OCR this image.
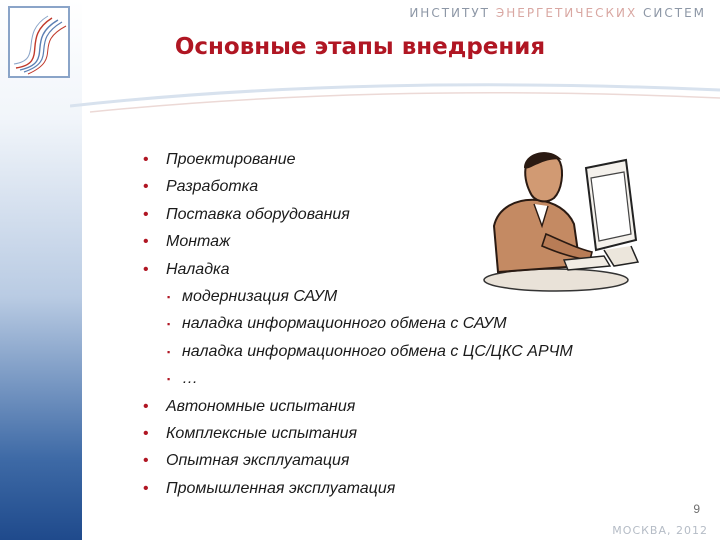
ИНСТИТУТ ЭНЕРГЕТИЧЕСКИХ СИСТЕМ
Основные этапы внедрения
• Проектирование
• Разработка
• Поставка оборудования
• Монтаж
• Наладка
▪ модернизация САУМ
▪ наладка информационного обмена с САУМ
▪ наладка информационного обмена с ЦС/ЦКС АРЧМ
▪ …
• Автономные испытания
• Комплексные испытания
• Опытная эксплуатация
• Промышленная эксплуатация
9
МОСКВА, 2012
